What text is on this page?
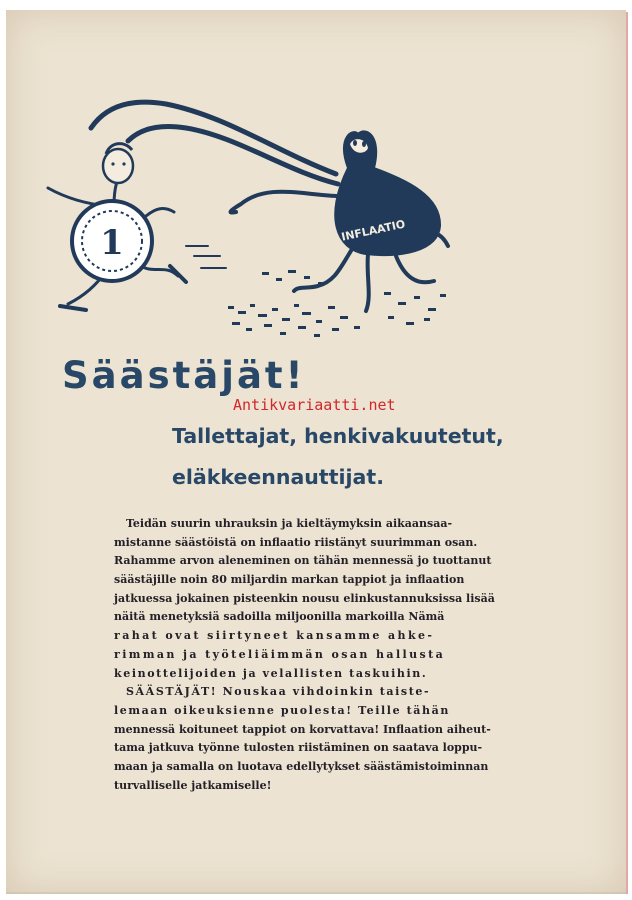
1	INFLAATIO
Säästäjät!
Antikvariaatti.net
Tallettajat, henkivakuutetut,
eläkkeennauttijat.
Teidän suurin uhrauksin ja kieltäymyksin aikaansaa-
mistanne säästöistä on inflaatio riistänyt suurimman osan.
Rahamme arvon aleneminen on tähän mennessä jo tuottanut
säästäjille noin 80 miljardin markan tappiot ja inflaation
jatkuessa jokainen pisteenkin nousu elinkustannuksissa lisää
näitä menetyksiä sadoilla miljoonilla markoilla Nämä
rahat ovat siirtyneet kansamme ahke-
rimman ja työteliäimmän osan hallusta
keinottelijoiden ja velallisten taskuihin.
SÄÄSTÄJÄT! Nouskaa vihdoinkin taiste-
lemaan oikeuksienne puolesta! Teille tähän
mennessä koituneet tappiot on korvattava! Inflaation aiheut-
tama jatkuva työnne tulosten riistäminen on saatava loppu-
maan ja samalla on luotava edellytykset säästämistoiminnan
turvalliselle jatkamiselle!
